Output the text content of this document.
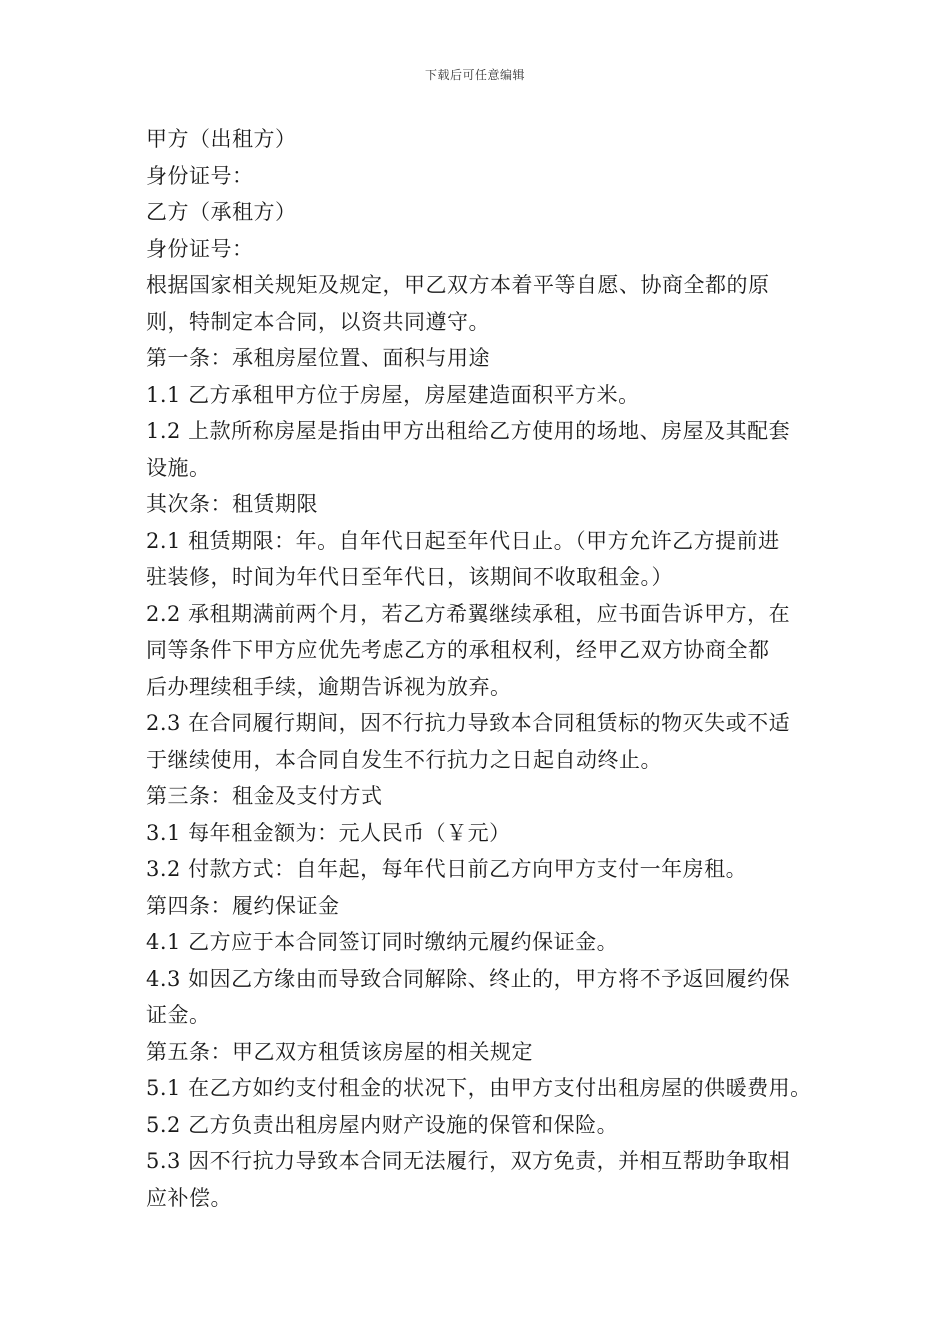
下载后可任意编辑
甲方（出租方）
身份证号：
乙方（承租方）
身份证号：
根据国家相关规矩及规定，甲乙双方本着平等自愿、协商全都的原
则，特制定本合同，以资共同遵守。
第一条：承租房屋位置、面积与用途
1.1 乙方承租甲方位于房屋，房屋建造面积平方米。
1.2 上款所称房屋是指由甲方出租给乙方使用的场地、房屋及其配套
设施。
其次条：租赁期限
2.1 租赁期限：年。自年代日起至年代日止。（甲方允许乙方提前进
驻装修，时间为年代日至年代日，该期间不收取租金。）
2.2 承租期满前两个月，若乙方希翼继续承租，应书面告诉甲方，在
同等条件下甲方应优先考虑乙方的承租权利，经甲乙双方协商全都
后办理续租手续，逾期告诉视为放弃。
2.3 在合同履行期间，因不行抗力导致本合同租赁标的物灭失或不适
于继续使用，本合同自发生不行抗力之日起自动终止。
第三条：租金及支付方式
3.1 每年租金额为：元人民币（￥元）
3.2 付款方式：自年起，每年代日前乙方向甲方支付一年房租。
第四条：履约保证金
4.1 乙方应于本合同签订同时缴纳元履约保证金。
4.3 如因乙方缘由而导致合同解除、终止的，甲方将不予返回履约保
证金。
第五条：甲乙双方租赁该房屋的相关规定
5.1 在乙方如约支付租金的状况下，由甲方支付出租房屋的供暖费用。
5.2 乙方负责出租房屋内财产设施的保管和保险。
5.3 因不行抗力导致本合同无法履行，双方免责，并相互帮助争取相
应补偿。
